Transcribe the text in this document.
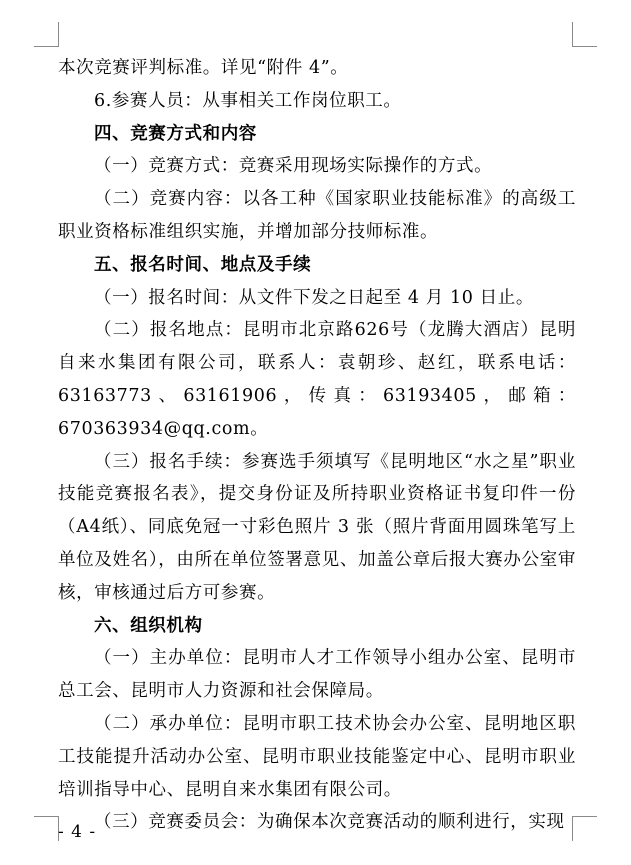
本次竞赛评判标准。详见“附件 4”。

6.参赛人员：从事相关工作岗位职工。

四、竞赛方式和内容

（一）竞赛方式：竞赛采用现场实际操作的方式。

（二）竞赛内容：以各工种《国家职业技能标准》的高级工职业资格标准组织实施，并增加部分技师标准。

五、报名时间、地点及手续

（一）报名时间：从文件下发之日起至 4 月 10 日止。

（二）报名地点：昆明市北京路626号（龙腾大酒店）昆明自来水集团有限公司，联系人：袁朝珍、赵红，联系电话：63163773、63161906，传真：63193405，邮箱：670363934@qq.com。

（三）报名手续：参赛选手须填写《昆明地区“水之星”职业技能竞赛报名表》，提交身份证及所持职业资格证书复印件一份（A4纸）、同底免冠一寸彩色照片 3 张（照片背面用圆珠笔写上单位及姓名），由所在单位签署意见、加盖公章后报大赛办公室审核，审核通过后方可参赛。

六、组织机构

（一）主办单位：昆明市人才工作领导小组办公室、昆明市总工会、昆明市人力资源和社会保障局。

（二）承办单位：昆明市职工技术协会办公室、昆明地区职工技能提升活动办公室、昆明市职业技能鉴定中心、昆明市职业培训指导中心、昆明自来水集团有限公司。

（三）竞赛委员会：为确保本次竞赛活动的顺利进行，实现

- 4 -
